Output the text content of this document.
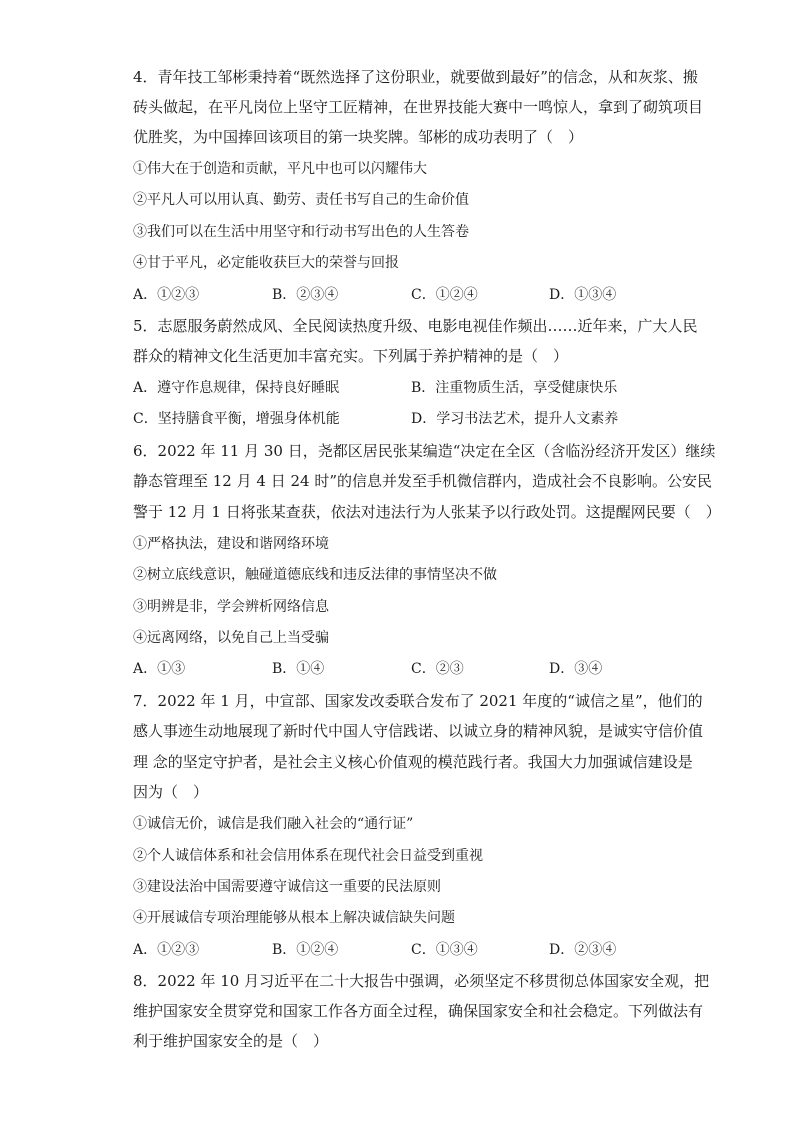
4．青年技工邹彬秉持着“既然选择了这份职业，就要做到最好”的信念，从和灰浆、搬
砖头做起，在平凡岗位上坚守工匠精神，在世界技能大赛中一鸣惊人，拿到了砌筑项目
优胜奖，为中国捧回该项目的第一块奖牌。邹彬的成功表明了（　）
①伟大在于创造和贡献，平凡中也可以闪耀伟大
②平凡人可以用认真、勤劳、责任书写自己的生命价值
③我们可以在生活中用坚守和行动书写出色的人生答卷
④甘于平凡，必定能收获巨大的荣誉与回报
A．①②③	B．②③④	C．①②④	D．①③④
5．志愿服务蔚然成风、全民阅读热度升级、电影电视佳作频出……近年来，广大人民
群众的精神文化生活更加丰富充实。下列属于养护精神的是（　）
A．遵守作息规律，保持良好睡眠	B．注重物质生活，享受健康快乐
C．坚持膳食平衡，增强身体机能	D．学习书法艺术，提升人文素养
6．2022 年 11 月 30 日，尧都区居民张某编造“决定在全区（含临汾经济开发区）继续
静态管理至 12 月 4 日 24 时”的信息并发至手机微信群内，造成社会不良影响。公安民
警于 12 月 1 日将张某查获，依法对违法行为人张某予以行政处罚。这提醒网民要（　）
①严格执法，建设和谐网络环境
②树立底线意识，触碰道德底线和违反法律的事情坚决不做
③明辨是非，学会辨析网络信息
④远离网络，以免自己上当受骗
A．①③	B．①④	C．②③	D．③④
7．2022 年 1 月，中宣部、国家发改委联合发布了 2021 年度的“诚信之星”，他们的
感人事迹生动地展现了新时代中国人守信践诺、以诚立身的精神风貌，是诚实守信价值
理 念的坚定守护者，是社会主义核心价值观的模范践行者。我国大力加强诚信建设是
因为（　）
①诚信无价，诚信是我们融入社会的“通行证”
②个人诚信体系和社会信用体系在现代社会日益受到重视
③建设法治中国需要遵守诚信这一重要的民法原则
④开展诚信专项治理能够从根本上解决诚信缺失问题
A．①②③	B．①②④	C．①③④	D．②③④
8．2022 年 10 月习近平在二十大报告中强调，必须坚定不移贯彻总体国家安全观，把
维护国家安全贯穿党和国家工作各方面全过程，确保国家安全和社会稳定。下列做法有
利于维护国家安全的是（　）
